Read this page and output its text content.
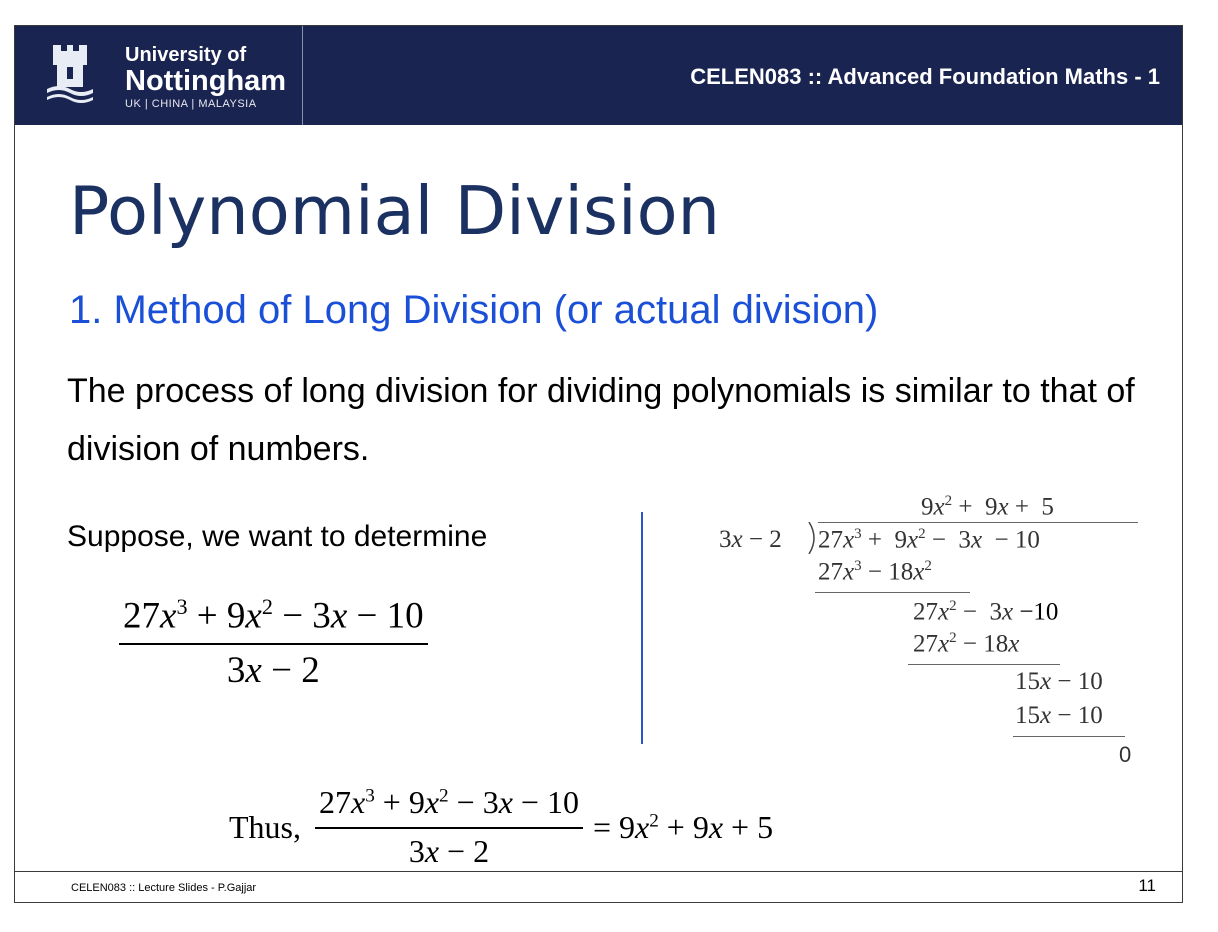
University of
Nottingham
UK | CHINA | MALAYSIA
CELEN083 :: Advanced Foundation Maths - 1
Polynomial Division
1. Method of Long Division (or actual division)
The process of long division for dividing polynomials is similar to that of division of numbers.
Suppose, we want to determine
$\frac{27x^3 + 9x^2 - 3x - 10}{3x - 2}$
$9x^2 + 9x + 5$
3x − 2 $27x^3 + 9x^2 - 3x - 10$
$27x^3 - 18x^2$
$27x^2 - 3x -10$
$27x^2 - 18x$
15x − 10
15x − 10
0
Thus, $\frac{27x^3 + 9x^2 - 3x - 10}{3x - 2} = 9x^2 + 9x + 5$
CELEN083 :: Lecture Slides - P.Gajjar	11
